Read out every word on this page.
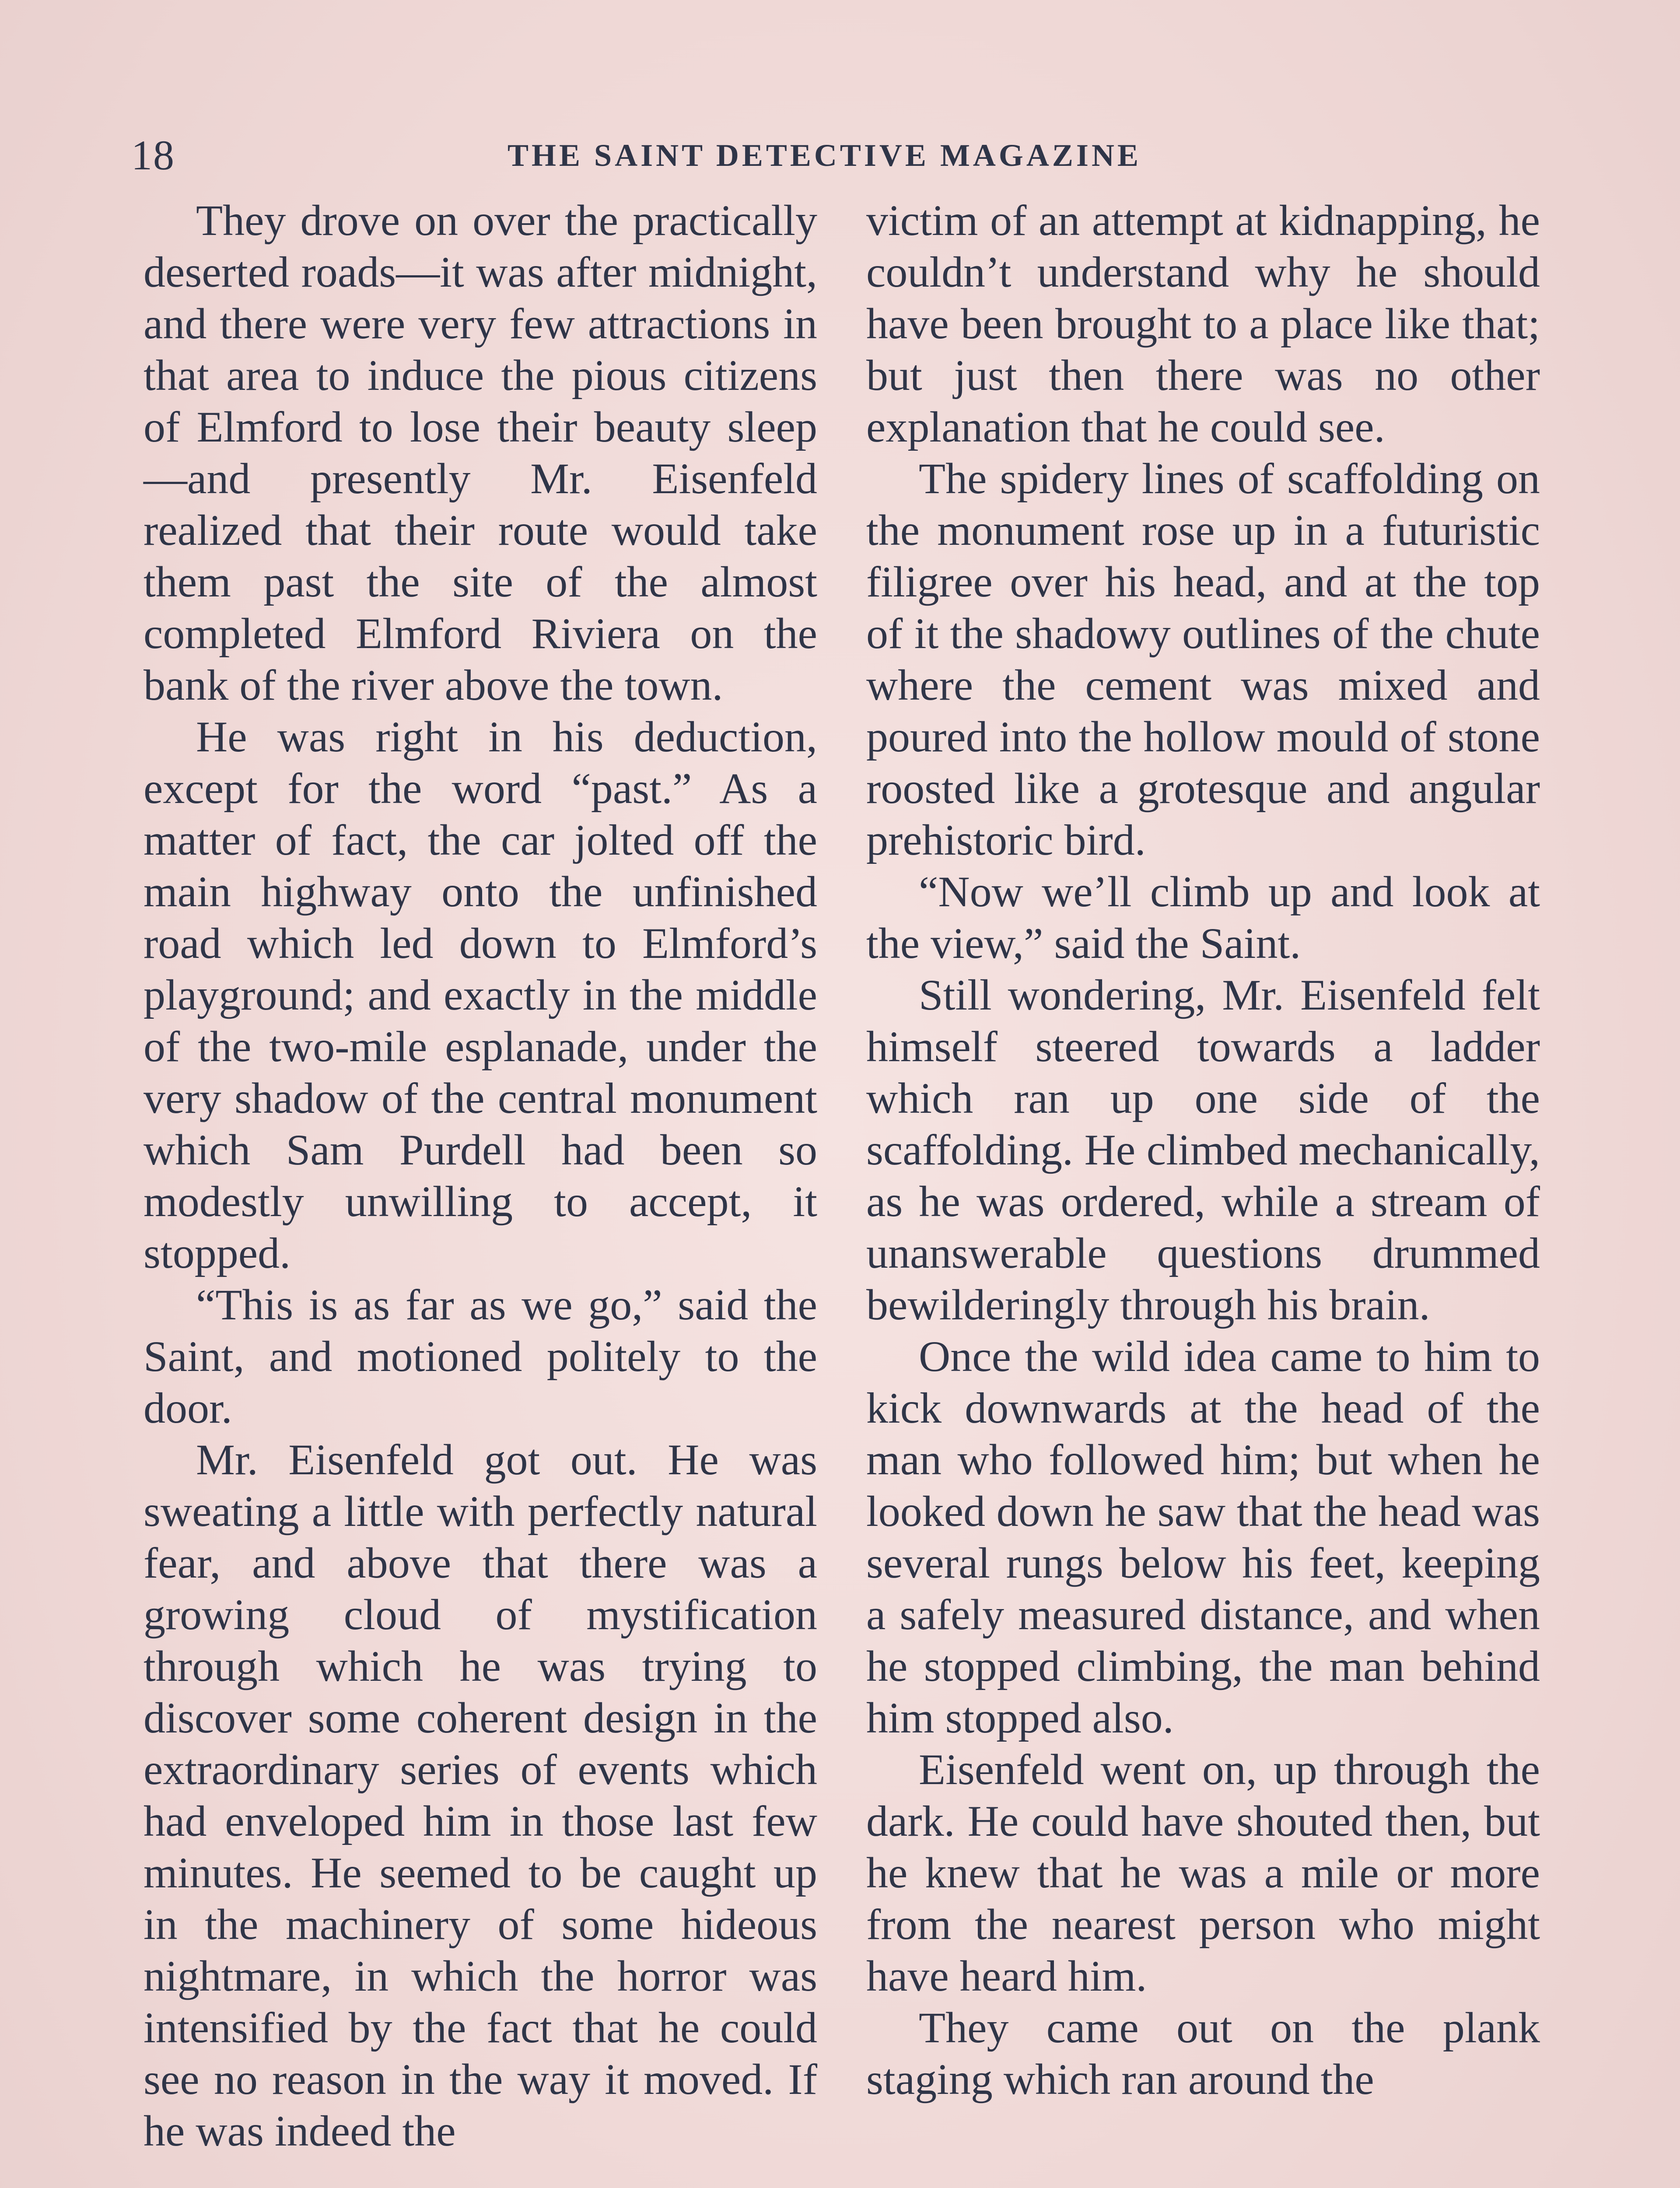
18	THE SAINT DETECTIVE MAGAZINE

They drove on over the practically deserted roads—it was after midnight, and there were very few attractions in that area to induce the pious citizens of Elmford to lose their beauty sleep—and presently Mr. Eisenfeld realized that their route would take them past the site of the almost completed Elmford Riviera on the bank of the river above the town.

He was right in his deduction, except for the word “past.” As a matter of fact, the car jolted off the main highway onto the unfinished road which led down to Elmford’s playground; and exactly in the middle of the two-mile esplanade, under the very shadow of the central monument which Sam Purdell had been so modestly unwilling to accept, it stopped.

“This is as far as we go,” said the Saint, and motioned politely to the door.

Mr. Eisenfeld got out. He was sweating a little with perfectly natural fear, and above that there was a growing cloud of mystification through which he was trying to discover some coherent design in the extraordinary series of events which had enveloped him in those last few minutes. He seemed to be caught up in the machinery of some hideous nightmare, in which the horror was intensified by the fact that he could see no reason in the way it moved. If he was indeed the

victim of an attempt at kidnapping, he couldn’t understand why he should have been brought to a place like that; but just then there was no other explanation that he could see.

The spidery lines of scaffolding on the monument rose up in a futuristic filigree over his head, and at the top of it the shadowy outlines of the chute where the cement was mixed and poured into the hollow mould of stone roosted like a grotesque and angular prehistoric bird.

“Now we’ll climb up and look at the view,” said the Saint.

Still wondering, Mr. Eisenfeld felt himself steered towards a ladder which ran up one side of the scaffolding. He climbed mechanically, as he was ordered, while a stream of unanswerable questions drummed bewilderingly through his brain.

Once the wild idea came to him to kick downwards at the head of the man who followed him; but when he looked down he saw that the head was several rungs below his feet, keeping a safely measured distance, and when he stopped climbing, the man behind him stopped also.

Eisenfeld went on, up through the dark. He could have shouted then, but he knew that he was a mile or more from the nearest person who might have heard him.

They came out on the plank staging which ran around the
